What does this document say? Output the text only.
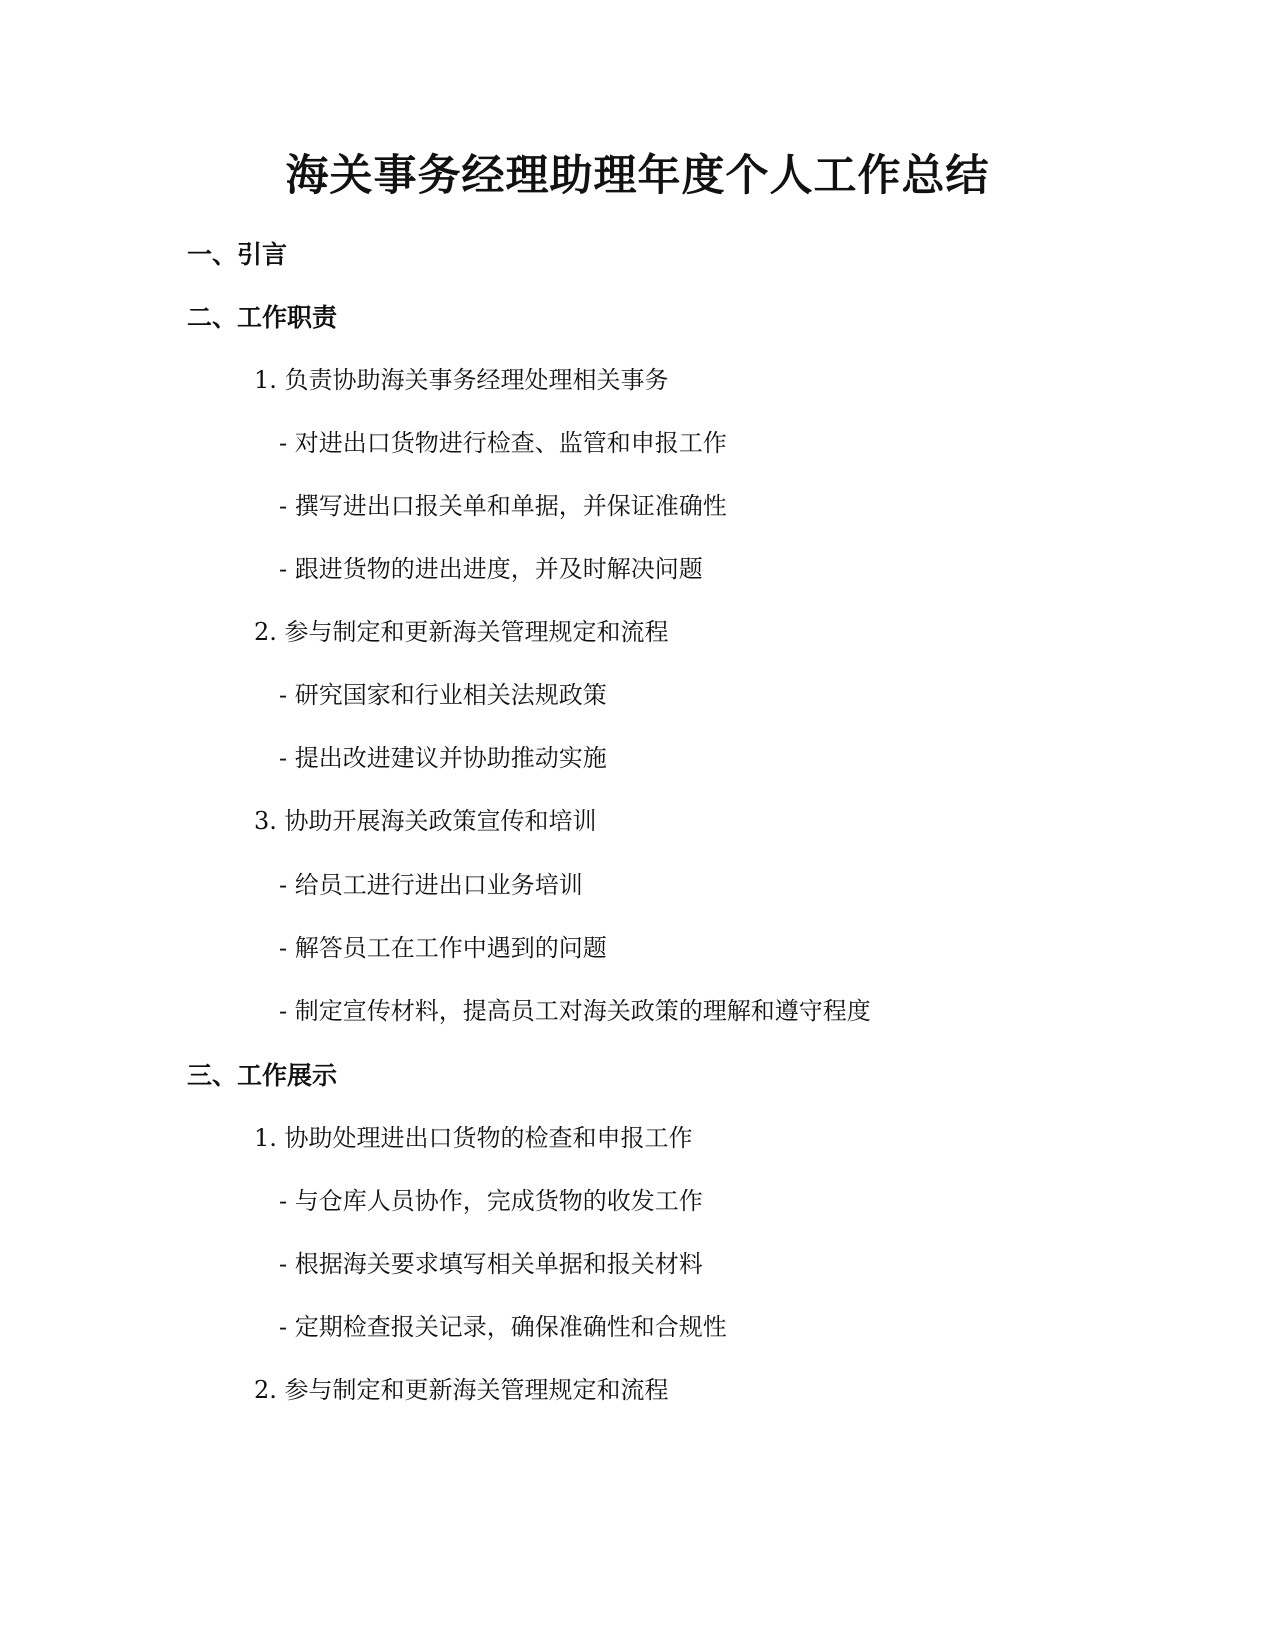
海关事务经理助理年度个人工作总结
一、引言
二、工作职责

1. 负责协助海关事务经理处理相关事务

- 对进出口货物进行检查、监管和申报工作

- 撰写进出口报关单和单据，并保证准确性

- 跟进货物的进出进度，并及时解决问题

2. 参与制定和更新海关管理规定和流程

- 研究国家和行业相关法规政策

- 提出改进建议并协助推动实施

3. 协助开展海关政策宣传和培训

- 给员工进行进出口业务培训

- 解答员工在工作中遇到的问题

- 制定宣传材料，提高员工对海关政策的理解和遵守程度

三、工作展示

1. 协助处理进出口货物的检查和申报工作

- 与仓库人员协作，完成货物的收发工作

- 根据海关要求填写相关单据和报关材料

- 定期检查报关记录，确保准确性和合规性

2. 参与制定和更新海关管理规定和流程
